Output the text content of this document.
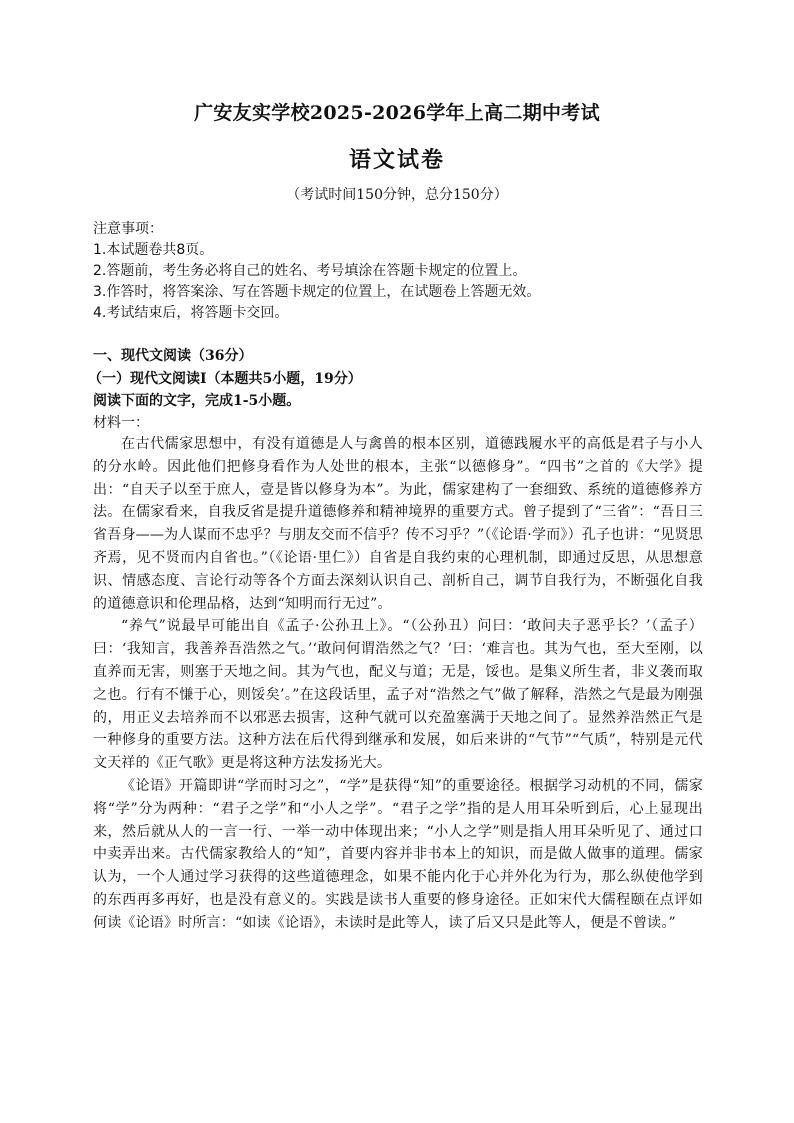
广安友实学校2025-2026学年上高二期中考试
语文试卷
（考试时间150分钟，总分150分）
注意事项：
1.本试题卷共8页。
2.答题前，考生务必将自己的姓名、考号填涂在答题卡规定的位置上。
3.作答时，将答案涂、写在答题卡规定的位置上，在试题卷上答题无效。
4.考试结束后，将答题卡交回。
一、现代文阅读（36分）
（一）现代文阅读Ⅰ（本题共5小题，19分）
阅读下面的文字，完成1-5小题。
材料一：

在古代儒家思想中，有没有道德是人与禽兽的根本区别，道德践履水平的高低是君子与小人的分水岭。因此他们把修身看作为人处世的根本，主张“以德修身”。“四书”之首的《大学》提出：“自天子以至于庶人，壹是皆以修身为本”。为此，儒家建构了一套细致、系统的道德修养方法。在儒家看来，自我反省是提升道德修养和精神境界的重要方式。曾子提到了“三省”：“吾日三省吾身——为人谋而不忠乎？与朋友交而不信乎？传不习乎？”（《论语·学而》）孔子也讲：“见贤思齐焉，见不贤而内自省也。”（《论语·里仁》）自省是自我约束的心理机制，即通过反思，从思想意识、情感态度、言论行动等各个方面去深刻认识自己、剖析自己，调节自我行为，不断强化自我的道德意识和伦理品格，达到“知明而行无过”。

“养气”说最早可能出自《孟子·公孙丑上》。“（公孙丑）问曰：‘敢问夫子恶乎长？’（孟子）曰：‘我知言，我善养吾浩然之气。’‘敢问何谓浩然之气？’曰：‘难言也。其为气也，至大至刚，以直养而无害，则塞于天地之间。其为气也，配义与道；无是，馁也。是集义所生者，非义袭而取之也。行有不慊于心，则馁矣’。”在这段话里，孟子对“浩然之气”做了解释，浩然之气是最为刚强的，用正义去培养而不以邪恶去损害，这种气就可以充盈塞满于天地之间了。显然养浩然正气是一种修身的重要方法。这种方法在后代得到继承和发展，如后来讲的“气节”“气质”，特别是元代文天祥的《正气歌》更是将这种方法发扬光大。

《论语》开篇即讲“学而时习之”，“学”是获得“知”的重要途径。根据学习动机的不同，儒家将“学”分为两种：“君子之学”和“小人之学”。“君子之学”指的是人用耳朵听到后，心上显现出来，然后就从人的一言一行、一举一动中体现出来；“小人之学”则是指人用耳朵听见了、通过口中卖弄出来。古代儒家教给人的“知”，首要内容并非书本上的知识，而是做人做事的道理。儒家认为，一个人通过学习获得的这些道德理念，如果不能内化于心并外化为行为，那么纵使他学到的东西再多再好，也是没有意义的。实践是读书人重要的修身途径。正如宋代大儒程颐在点评如何读《论语》时所言：“如读《论语》，未读时是此等人，读了后又只是此等人，便是不曾读。”
